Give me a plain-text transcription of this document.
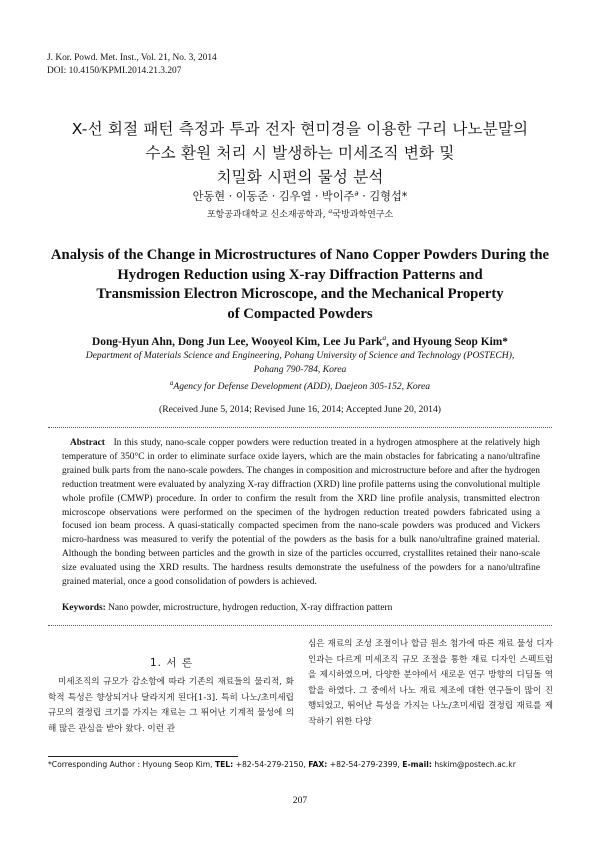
J. Kor. Powd. Met. Inst., Vol. 21, No. 3, 2014
DOI: 10.4150/KPMI.2014.21.3.207
X-선 회절 패턴 측정과 투과 전자 현미경을 이용한 구리 나노분말의
수소 환원 처리 시 발생하는 미세조직 변화 및
치밀화 시편의 물성 분석
안동현 · 이동준 · 김우열 · 박이주$^a$ · 김형섭*
포항공과대학교 신소재공학과, $^a$국방과학연구소
Analysis of the Change in Microstructures of Nano Copper Powders During the
Hydrogen Reduction using X-ray Diffraction Patterns and
Transmission Electron Microscope, and the Mechanical Property
of Compacted Powders
Dong-Hyun Ahn, Dong Jun Lee, Wooyeol Kim, Lee Ju Park$^a$, and Hyoung Seop Kim*
Department of Materials Science and Engineering, Pohang University of Science and Technology (POSTECH),
Pohang 790-784, Korea
$^a$Agency for Defense Development (ADD), Daejeon 305-152, Korea
(Received June 5, 2014; Revised June 16, 2014; Accepted June 20, 2014)
Abstract In this study, nano-scale copper powders were reduction treated in a hydrogen atmosphere at the relatively high temperature of 350°C in order to eliminate surface oxide layers, which are the main obstacles for fabricating a nano/ultrafine grained bulk parts from the nano-scale powders. The changes in composition and microstructure before and after the hydrogen reduction treatment were evaluated by analyzing X-ray diffraction (XRD) line profile patterns using the convolutional multiple whole profile (CMWP) procedure. In order to confirm the result from the XRD line profile analysis, transmitted electron microscope observations were performed on the specimen of the hydrogen reduction treated powders fabricated using a focused ion beam process. A quasi-statically compacted specimen from the nano-scale powders was produced and Vickers micro-hardness was measured to verify the potential of the powders as the basis for a bulk nano/ultrafine grained material. Although the bonding between particles and the growth in size of the particles occurred, crystallites retained their nano-scale size evaluated using the XRD results. The hardness results demonstrate the usefulness of the powders for a nano/ultrafine grained material, once a good consolidation of powders is achieved.
Keywords: Nano powder, microstructure, hydrogen reduction, X-ray diffraction pattern
1. 서 론
미세조직의 규모가 감소함에 따라 기존의 재료들의 물리적, 화학적 특성은 향상되거나 달라지게 된다[1-3]. 특히 나노/초미세립 규모의 결정립 크기를 가지는 재료는 그 뛰어난 기계적 물성에 의해 많은 관심을 받아 왔다. 이런 관
심은 재료의 조성 조절이나 합금 원소 첨가에 따른 재료 물성 디자인과는 다르게 미세조직 규모 조절을 통한 재료 디자인 스펙트럼을 제시하였으며, 다양한 분야에서 새로운 연구 방향의 디딤돌 역할을 하였다. 그 중에서 나노 재료 제조에 대한 연구들이 많이 진행되었고, 뛰어난 특성을 가지는 나노/초미세립 결정립 재료를 제작하기 위한 다양
*Corresponding Author : Hyoung Seop Kim, TEL: +82-54-279-2150, FAX: +82-54-279-2399, E-mail: hskim@postech.ac.kr
207
